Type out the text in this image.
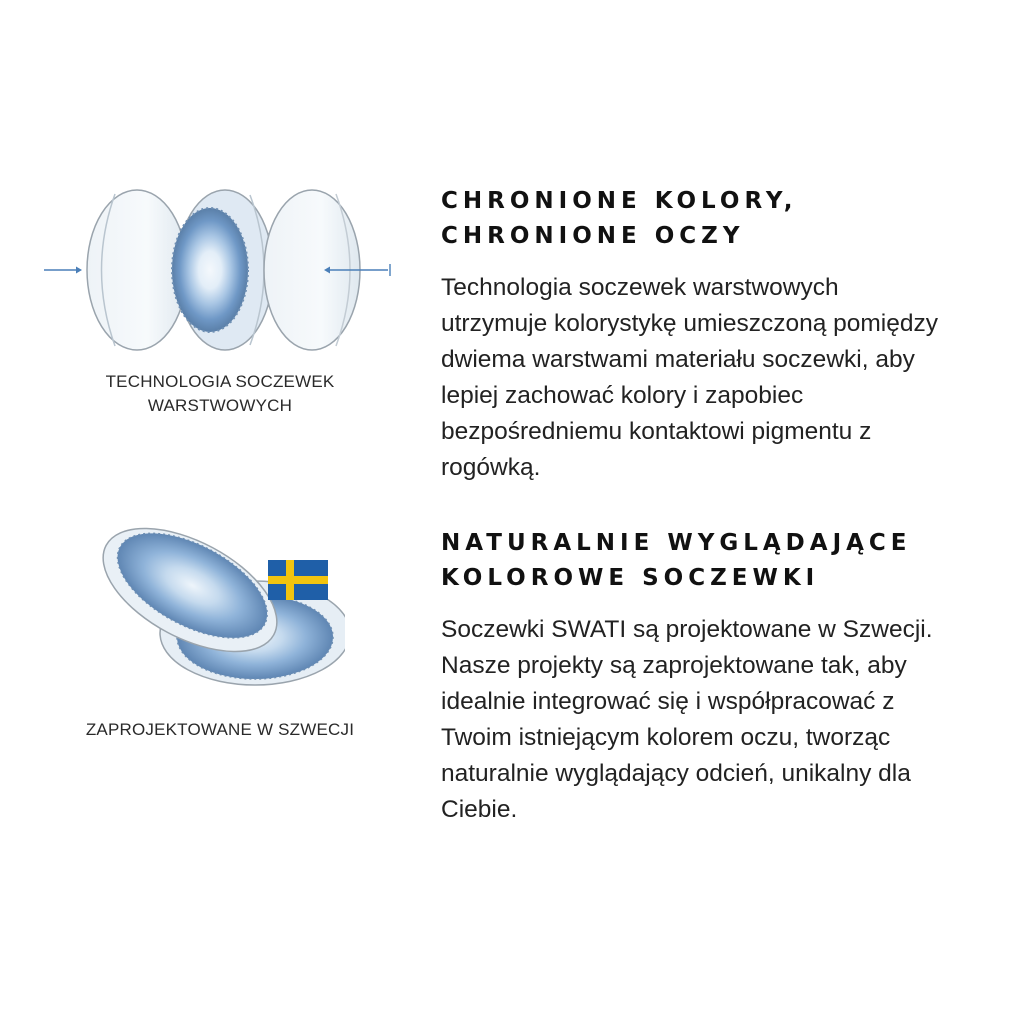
TECHNOLOGIA SOCZEWEK
WARSTWOWYCH
ZAPROJEKTOWANE W SZWECJI
CHRONIONE KOLORY,
CHRONIONE OCZY

Technologia soczewek warstwowych
utrzymuje kolorystykę umieszczoną pomiędzy
dwiema warstwami materiału soczewki, aby
lepiej zachować kolory i zapobiec
bezpośredniemu kontaktowi pigmentu z
rogówką.

NATURALNIE WYGLĄDAJĄCE
KOLOROWE SOCZEWKI

Soczewki SWATI są projektowane w Szwecji.
Nasze projekty są zaprojektowane tak, aby
idealnie integrować się i współpracować z
Twoim istniejącym kolorem oczu, tworząc
naturalnie wyglądający odcień, unikalny dla
Ciebie.
